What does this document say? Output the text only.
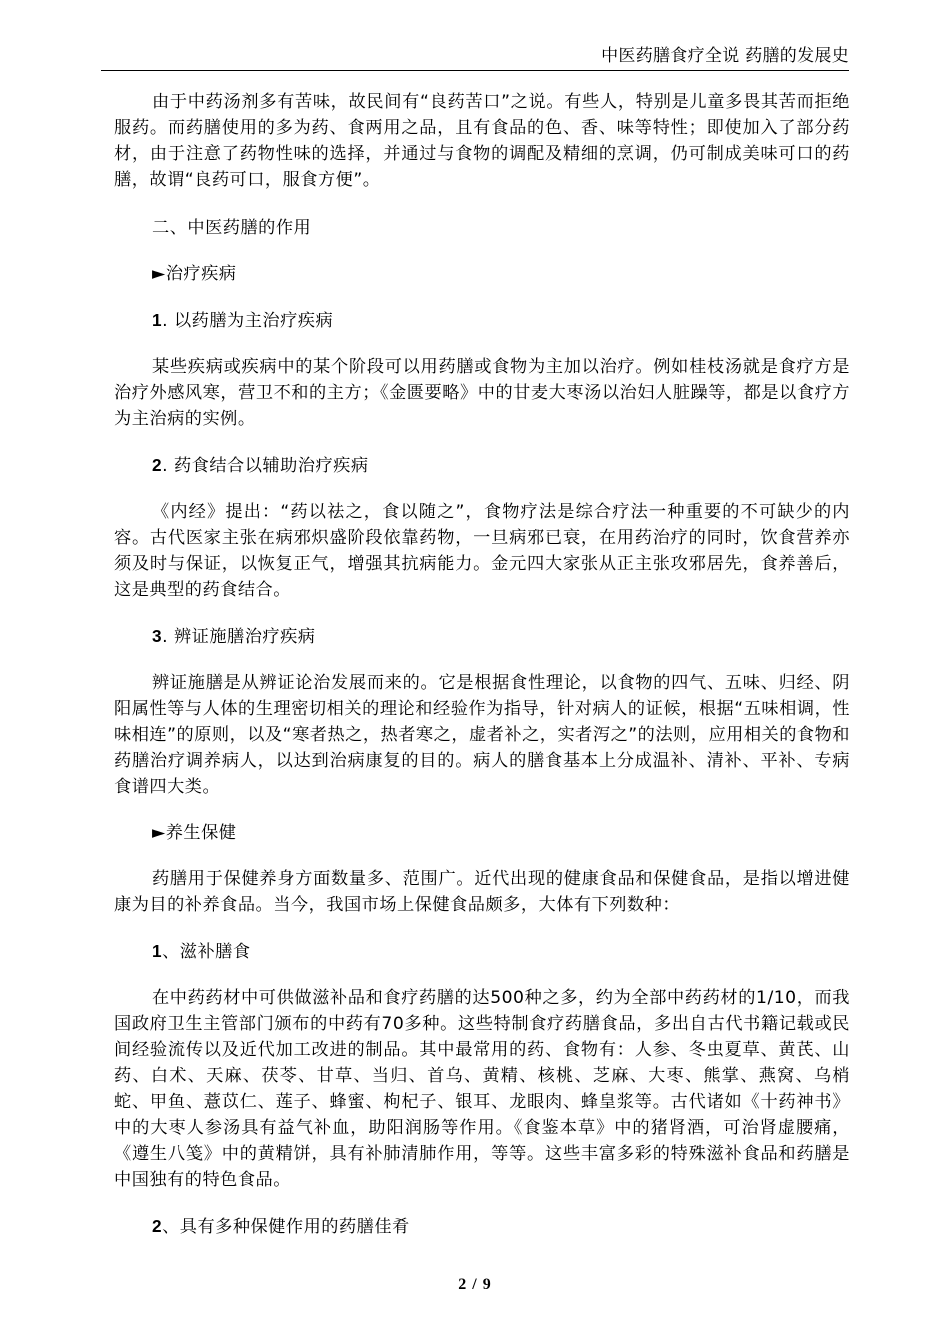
中医药膳食疗全说 药膳的发展史

由于中药汤剂多有苦味，故民间有“良药苦口”之说。有些人，特别是儿童多畏其苦而拒绝服药。而药膳使用的多为药、食两用之品，且有食品的色、香、味等特性；即使加入了部分药材，由于注意了药物性味的选择，并通过与食物的调配及精细的烹调，仍可制成美味可口的药膳，故谓“良药可口，服食方便”。

二、中医药膳的作用

►治疗疾病

1. 以药膳为主治疗疾病

某些疾病或疾病中的某个阶段可以用药膳或食物为主加以治疗。例如桂枝汤就是食疗方是治疗外感风寒，营卫不和的主方；《金匮要略》中的甘麦大枣汤以治妇人脏躁等，都是以食疗方为主治病的实例。

2. 药食结合以辅助治疗疾病

《内经》提出：“药以祛之，食以随之”，食物疗法是综合疗法一种重要的不可缺少的内容。古代医家主张在病邪炽盛阶段依靠药物，一旦病邪已衰，在用药治疗的同时，饮食营养亦须及时与保证，以恢复正气，增强其抗病能力。金元四大家张从正主张攻邪居先，食养善后，这是典型的药食结合。

3. 辨证施膳治疗疾病

辨证施膳是从辨证论治发展而来的。它是根据食性理论，以食物的四气、五味、归经、阴阳属性等与人体的生理密切相关的理论和经验作为指导，针对病人的证候，根据“五味相调，性味相连”的原则，以及“寒者热之，热者寒之，虚者补之，实者泻之”的法则，应用相关的食物和药膳治疗调养病人，以达到治病康复的目的。病人的膳食基本上分成温补、清补、平补、专病食谱四大类。

►养生保健

药膳用于保健养身方面数量多、范围广。近代出现的健康食品和保健食品，是指以增进健康为目的补养食品。当今，我国市场上保健食品颇多，大体有下列数种：

1、滋补膳食

在中药药材中可供做滋补品和食疗药膳的达500种之多，约为全部中药药材的1/10，而我国政府卫生主管部门颁布的中药有70多种。这些特制食疗药膳食品，多出自古代书籍记载或民间经验流传以及近代加工改进的制品。其中最常用的药、食物有：人参、冬虫夏草、黄芪、山药、白术、天麻、茯苓、甘草、当归、首乌、黄精、核桃、芝麻、大枣、熊掌、燕窝、乌梢蛇、甲鱼、薏苡仁、莲子、蜂蜜、枸杞子、银耳、龙眼肉、蜂皇浆等。古代诸如《十药神书》中的大枣人参汤具有益气补血，助阳润肠等作用。《食鉴本草》中的猪肾酒，可治肾虚腰痛，《遵生八笺》中的黄精饼，具有补肺清肺作用，等等。这些丰富多彩的特殊滋补食品和药膳是中国独有的特色食品。

2、具有多种保健作用的药膳佳肴

2 / 9
